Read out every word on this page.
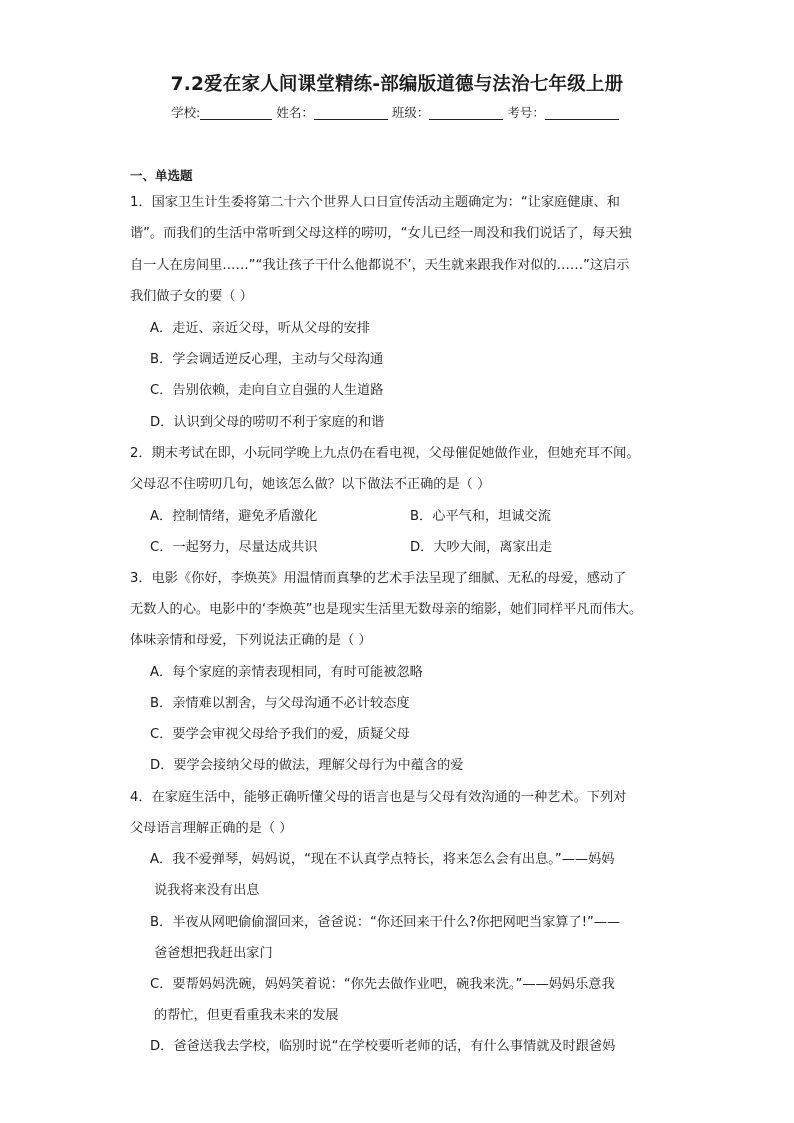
7.2爱在家人间课堂精练-部编版道德与法治七年级上册
学校:	姓名：	班级：	考号：
一、单选题
1．国家卫生计生委将第二十六个世界人口日宣传活动主题确定为：“让家庭健康、和
谐”。而我们的生活中常听到父母这样的唠叨，“女儿已经一周没和我们说话了，每天独
自一人在房间里……”“我让孩子干什么他都说不’，天生就来跟我作对似的……”这启示
我们做子女的要（ ）
A．走近、亲近父母，听从父母的安排
B．学会调适逆反心理，主动与父母沟通
C．告别依赖，走向自立自强的人生道路
D．认识到父母的唠叨不利于家庭的和谐
2．期末考试在即，小玩同学晚上九点仍在看电视，父母催促她做作业，但她充耳不闻。
父母忍不住唠叨几句，她该怎么做？以下做法不正确的是（ ）
A．控制情绪，避免矛盾激化	B．心平气和，坦诚交流
C．一起努力，尽量达成共识	D．大吵大闹，离家出走
3．电影《你好，李焕英》用温情而真挚的艺术手法呈现了细腻、无私的母爱，感动了
无数人的心。电影中的‘李焕英”也是现实生活里无数母亲的缩影，她们同样平凡而伟大。
体味亲情和母爱，下列说法正确的是（ ）
A．每个家庭的亲情表现相同，有时可能被忽略
B．亲情难以割舍，与父母沟通不必计较态度
C．要学会审视父母给予我们的爱，质疑父母
D．要学会接纳父母的做法，理解父母行为中蕴含的爱
4．在家庭生活中，能够正确听懂父母的语言也是与父母有效沟通的一种艺术。下列对
父母语言理解正确的是（ ）
A．我不爱弹琴，妈妈说，“现在不认真学点特长，将来怎么会有出息。”——妈妈
说我将来没有出息
B．半夜从网吧偷偷溜回来，爸爸说：“你还回来干什么?你把网吧当家算了!”——
爸爸想把我赶出家门
C．要帮妈妈洗碗，妈妈笑着说：“你先去做作业吧，碗我来洗。”——妈妈乐意我
的帮忙，但更看重我未来的发展
D．爸爸送我去学校，临别时说“在学校要听老师的话，有什么事情就及时跟爸妈
